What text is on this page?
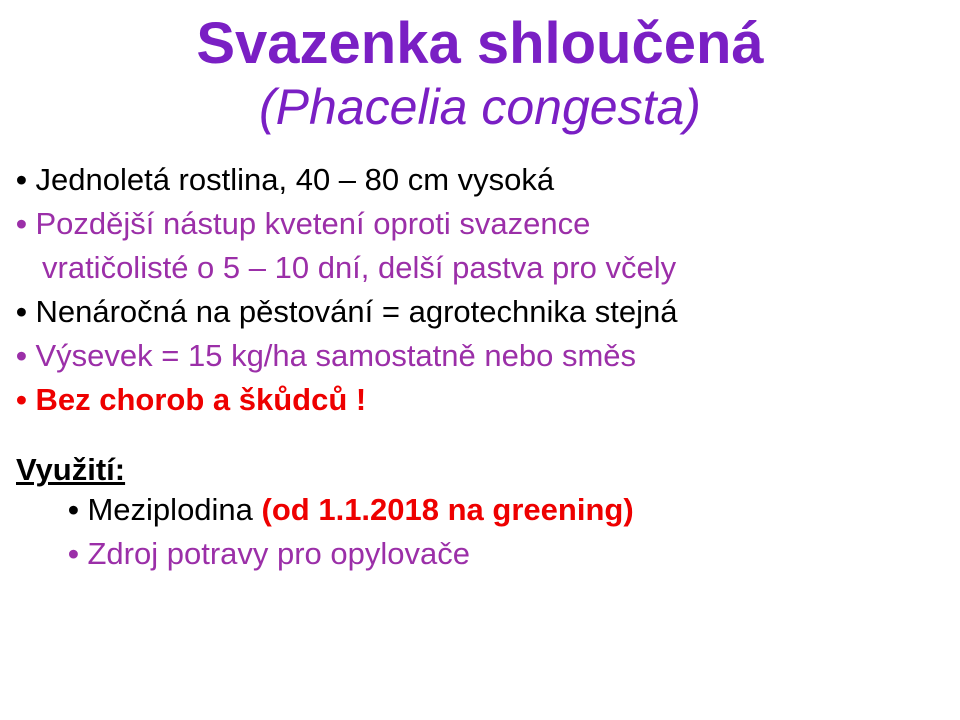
Svazenka shloučená
(Phacelia congesta)
• Jednoletá rostlina, 40 – 80 cm vysoká
• Pozdější nástup kvetení oproti svazence
vratičolisté o 5 – 10 dní, delší pastva pro včely
• Nenáročná na pěstování = agrotechnika stejná
• Výsevek = 15 kg/ha samostatně nebo směs
• Bez chorob a škůdců !
Využití:
• Meziplodina (od 1.1.2018 na greening)
• Zdroj potravy pro opylovače
